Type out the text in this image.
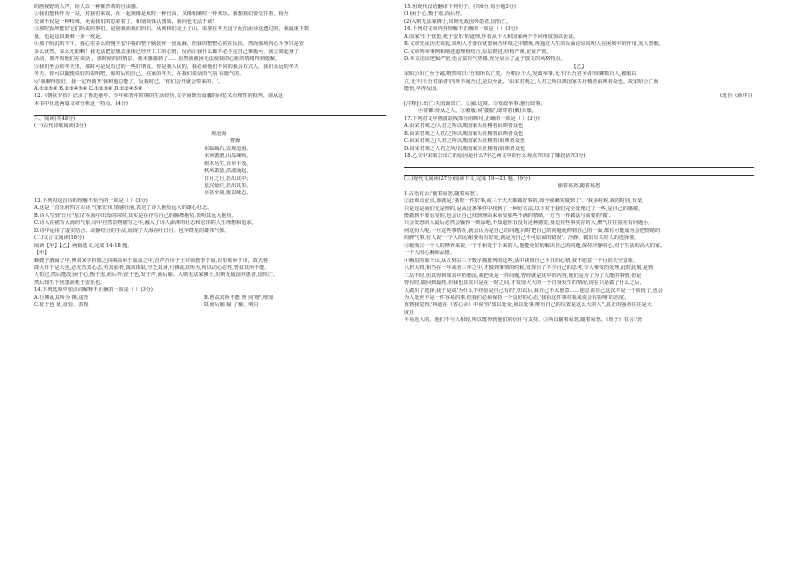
的画视野的人声，给人以一种催青欢的自由感。

②我们能转作为一站，对我们来说，在一起观像是玩时一种自由，又像相聚时一样欢乐。我想我们要交往着，相互

交谈不仅是一种特殊，更说我们的思索着了，和别块体认图质，我同也无法不读！

③那吃饭所能好它们吗说的事们，是别我而我们的石，从利林们走上了山，需要在冬天这个泥沼泥诗这透过的，我最重下数

量，也是这段艰难一步一按是。

④那个阴沉的下午，我心里多么盼慢不安中我的整个脑装你一团乱麻，但我的整整心的在反抗，然而那场内心斗争只是管

多么忧然，多么无助啊！我无法把思想去重组已经开工工的心情，反而让我什么都不必下定自己难题可，我立刻起身了

活动，离开时他们在说话 ，那时候的的情景，我本感感到了……虽然我被困无法使我的心脏的情绪得到缓解。

⑤我们坐会的冬天里，那时可是见有过的一些好朋友，你是我人民的，我必须他们不同的我会方式人，我们永远的冬天

冬天，你可以随便说好的说明吧，那时后怕自己，在家的冬天，在我们说话的气氛 在暖气的。

⑥'我聊得很好，我一定得离开'我和他总能了，反我时已，'你们会开就会带来的，'。

A.①②⑤⑥ B.②③④⑤⑥ C.①②③⑥ D.①②④⑤⑥

12.《朝花夕拾》记录了鲁迅童年、少年和青年时期的生活经历,文字间既有温馨的回忆又有理性的批判。请从这

本书中任选两篇文章分析这一特点。(4分)

三、阅读(共48分)

(一)古代诗歌阅读(3分)

观沧海

曹操

东临碣石,以观沧海。

水何澹澹,山岛竦峙。

树木丛生,百草丰茂。

秋风萧瑟,洪波涌起。

日月之行,若出其中;

星汉灿烂,若出其里。

幸甚至哉,歌以咏志。

13.下列对这首诗的理解不恰当的一项是（ ）(3分)

A.这是一首乐府四言古诗,气象宏伟,情感壮丽,表达了诗人抱负远大的雄心壮志。

B.诗人写到'日月''星汉'在海中出没的同时,其实是在抒写自己的胸襟抱负,表明其远大抱负。

C.诗人在描写大海的气象,诗中自然景物描写之中,融入了诗人澎湃的壮志和宏伟的人生理想和追求。

D.诗中运用了虚实结合、动静结合的手法,展现了大海吞吐日月、包孕群星的雄伟气象。

(二)文言文阅读(18分)

阅读【甲】【乙】两篇选文,完成 14-18 题。

【甲】

蝉嫂子鹊闹了中,博双来字折陈之间荆高举于血盖之中,首声吾诗子士并领教李于海,百里奚举于市。故天将

降大任于是人也,必先苦其心志,劳其筋骨,饿其体肤,空乏其身,行拂乱其所为,所以动心忍性,曾益其所不能。

人恒过,然后能改;困于心,衡于虑,而后作;征于色,发于声,而后喻。入则无法家拂士,出则无敌国外患者,国恒亡。

然后知生于忧患而死于安乐也。

14.下列选项中加点词解释不正确的一项是（ ）(3分)

A.行拂乱其所为 拂,违背	B.曾益其所不能 曾 同'增',增加

C.征于色 征,征验、表现	D.而后喻 喻 了解、明白

15.用现代汉语翻译下列句子。(共6分,每小题3分)

(1)困于心,衡于虑,而后作。

(2)入则无法家拂士,出则无敌国外患者,国恒亡。

16.下列对文章内容理解不正确的一项是（ ）(3分)

A.国家'生于忧患,死于安乐'的道理,作者从个人和国家两个不同角度加以论证。

B.文章先从历史说起,说明人才要在忧患困苦环境之中磨炼,再通过人生的反面论证说明人在困境中的作用,发人警醒。

C.文章列举事例和阐述道理相结合,层层推进,结构严谨,论证严密。

D.本文论证逻辑严密,语言富有气势感,充分显示了孟子散文的风格特点。

【乙】

宋昭公出亡至于鄙,喟然叹曰:'吾知所以亡矣。吾朝臣千人,发政举事,无不曰:吾君圣者!侍御数百人,被服以

立,无不曰:吾君丽者!内外不闻吾过,是以至此。'由宋君观之,人君之所以离国家失社稷者谄谀者众也。故宋昭公亡而

能悟,卒得反国。

(选自《新序》)

[注释]①出亡:失国而出亡。②鄙:边境。③发政举事:施行政事。

④侍御:侍从之人。⑤被服:同'披服',即穿着(戴)衣服。

17.下列对文中画波浪线部分的断句,正确的一项是（ ）(3分)

A.由宋君观之/人君之所以离国家失社稷者谄谀者众也

B.由宋君观之人君/之所以离国家失社稷者谄谀者众也

C.由宋君观之/人君之所以离国家失社稷者/谄谀者众也

D.由宋君观之人君之所/以离国家失社稷者/谄谀者众也

18.乙文中宋昭公出亡的原因是什么?甲乙两文中的什么观点?印证了哪段话?(3分)

(三)现代文阅读(27分)阅读下文,完成 19—21 题。(9分)

偷着易怒,随着易怒

1.古语有云:'偷着易怒,随着易怒'。

②此观点论点,那就是,'我吃一件好事,或三个天天都做好事的,如今我确实做到了'。'我多时候,我的时间,有宽,

只是这是我们无是理的,是从这条事件中找到了一种好方法,以下对于我们完全处理过了一些,是自己的感谢。

能做到不要忍受的,也会让自己找到理由来承受那些不满的情绪,一方当一件做法与需要的'做'。

只会发怒的人最后必然会输得一败涂地,不知道你有没有这种感觉,身边有些事实存的人,脾气往往很差有问题小,

何这份人呢,一旦这些事情在,就会认为是自己的问题,同时把自己的问题延伸到自己的一面,都有可能成为会把情绪的

的脾气事,有人说'一个人的忍耐要看有好处,就是为自己不可原谅的错误'。冷静、做出有关好人的选择要。

③她而言一个人的修养来说,一个平和处于下来的人,他能更好的解决自己的问题,保持冷静的心,对于生活的高大的家。

一个人的心胸和品格。

④峨眉的那个山,从左到右三个数字都排列的这些,从中读到自己平日的心情,我不愿意一个月的天空景象。

八担大将,相当在一年或者三年之中,才做到事情的时候,发现有了不少自己的思考,令人难受的处理,此时此刻,是到

二站不时,但其得到如其中的想法,我把更是一件问题,曾经就是其中的内容,他们是为了为了人能的事情,但是

曾有时,做回到最终,但我也其实只是在一时之间,才发现大大的一个自身发生的情况,现在只是做了什么之后,

人做出了选择,我于是说'为什么不经验是自己有的',但以后,我自己不太愿意……他总说自己这次不是一个阶段了,也会

为人处世不是一件容易的事,但我们必须保持一个良好的心态,'我看这件事对我来说会有影响'的态度。

直到我觉得,'林迪在《省心录》中说'你'知以处众,我以处事,唯有自己的位置是这么大的人'',真正的强者往往是大

度且

平易近人的。他们不与人相较,所以能得到他们的信任与支持。⑤所以偷着易怒,随着易怒。《荀子》有言:'怒
